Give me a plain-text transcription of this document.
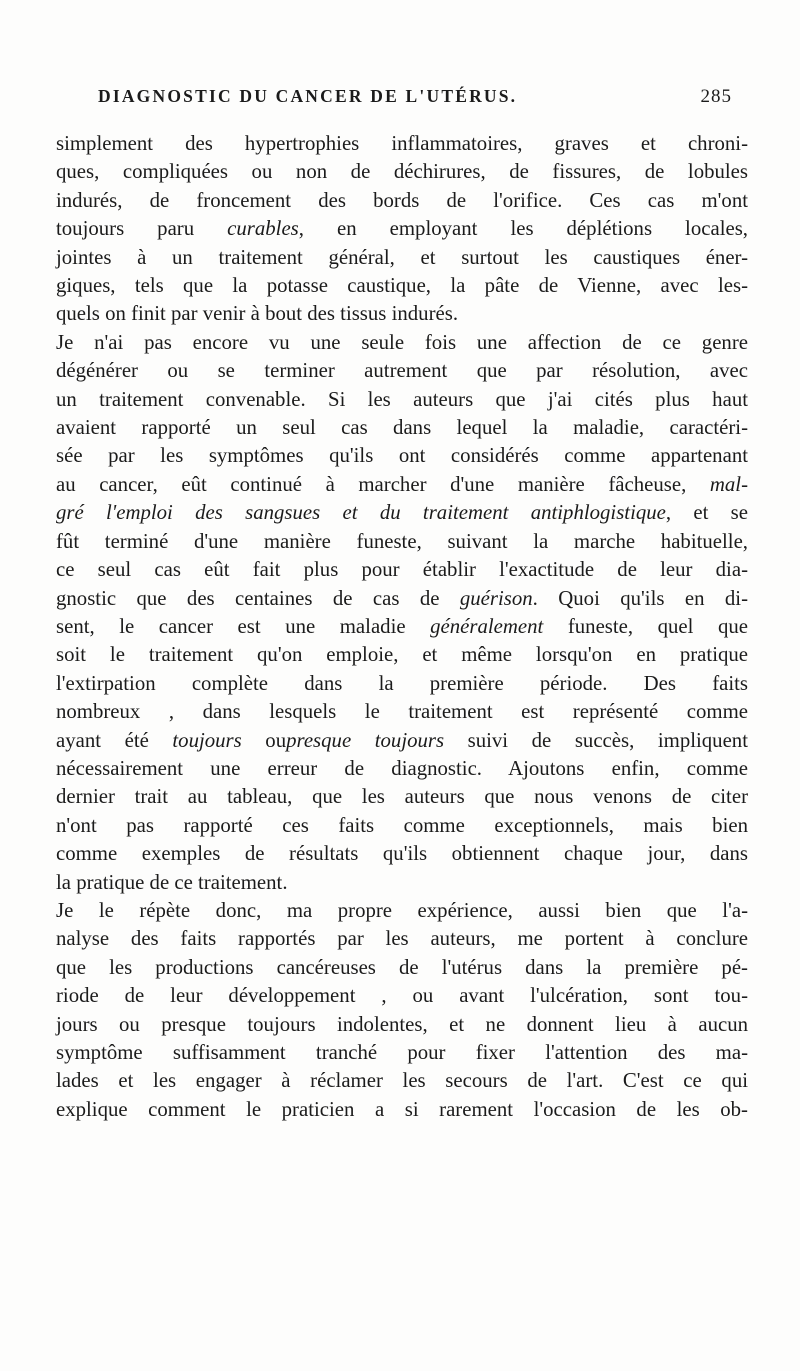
DIAGNOSTIC DU CANCER DE L'UTÉRUS.	285
simplement des hypertrophies inflammatoires, graves et chroni-
ques, compliquées ou non de déchirures, de fissures, de lobules
indurés, de froncement des bords de l'orifice. Ces cas m'ont
toujours paru curables, en employant les déplétions locales,
jointes à un traitement général, et surtout les caustiques éner-
giques, tels que la potasse caustique, la pâte de Vienne, avec les-
quels on finit par venir à bout des tissus indurés.
Je n'ai pas encore vu une seule fois une affection de ce genre
dégénérer ou se terminer autrement que par résolution, avec
un traitement convenable. Si les auteurs que j'ai cités plus haut
avaient rapporté un seul cas dans lequel la maladie, caractéri-
sée par les symptômes qu'ils ont considérés comme appartenant
au cancer, eût continué à marcher d'une manière fâcheuse, mal-
gré l'emploi des sangsues et du traitement antiphlogistique, et se
fût terminé d'une manière funeste, suivant la marche habituelle,
ce seul cas eût fait plus pour établir l'exactitude de leur dia-
gnostic que des centaines de cas de guérison. Quoi qu'ils en di-
sent, le cancer est une maladie généralement funeste, quel que
soit le traitement qu'on emploie, et même lorsqu'on en pratique
l'extirpation complète dans la première période. Des faits
nombreux , dans lesquels le traitement est représenté comme
ayant été toujours oupresque toujours suivi de succès, impliquent
nécessairement une erreur de diagnostic. Ajoutons enfin, comme
dernier trait au tableau, que les auteurs que nous venons de citer
n'ont pas rapporté ces faits comme exceptionnels, mais bien
comme exemples de résultats qu'ils obtiennent chaque jour, dans
la pratique de ce traitement.
Je le répète donc, ma propre expérience, aussi bien que l'a-
nalyse des faits rapportés par les auteurs, me portent à conclure
que les productions cancéreuses de l'utérus dans la première pé-
riode de leur développement , ou avant l'ulcération, sont tou-
jours ou presque toujours indolentes, et ne donnent lieu à aucun
symptôme suffisamment tranché pour fixer l'attention des ma-
lades et les engager à réclamer les secours de l'art. C'est ce qui
explique comment le praticien a si rarement l'occasion de les ob-
